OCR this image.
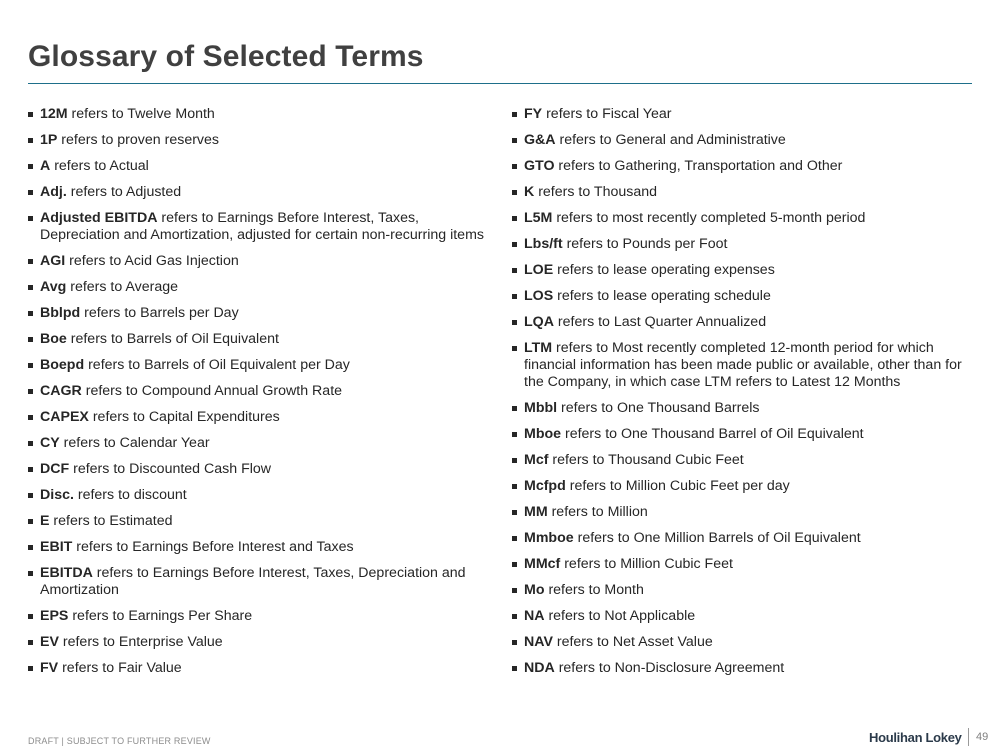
Glossary of Selected Terms
12M refers to Twelve Month
1P refers to proven reserves
A refers to Actual
Adj. refers to Adjusted
Adjusted EBITDA refers to Earnings Before Interest, Taxes, Depreciation and Amortization, adjusted for certain non-recurring items
AGI refers to Acid Gas Injection
Avg refers to Average
Bblpd refers to Barrels per Day
Boe refers to Barrels of Oil Equivalent
Boepd refers to Barrels of Oil Equivalent per Day
CAGR refers to Compound Annual Growth Rate
CAPEX refers to Capital Expenditures
CY refers to Calendar Year
DCF refers to Discounted Cash Flow
Disc. refers to discount
E refers to Estimated
EBIT refers to Earnings Before Interest and Taxes
EBITDA refers to Earnings Before Interest, Taxes, Depreciation and Amortization
EPS refers to Earnings Per Share
EV refers to Enterprise Value
FV refers to Fair Value
FY refers to Fiscal Year
G&A refers to General and Administrative
GTO refers to Gathering, Transportation and Other
K refers to Thousand
L5M refers to most recently completed 5-month period
Lbs/ft refers to Pounds per Foot
LOE refers to lease operating expenses
LOS refers to lease operating schedule
LQA refers to Last Quarter Annualized
LTM refers to Most recently completed 12-month period for which financial information has been made public or available, other than for the Company, in which case LTM refers to Latest 12 Months
Mbbl refers to One Thousand Barrels
Mboe refers to One Thousand Barrel of Oil Equivalent
Mcf refers to Thousand Cubic Feet
Mcfpd refers to Million Cubic Feet per day
MM refers to Million
Mmboe refers to One Million Barrels of Oil Equivalent
MMcf refers to Million Cubic Feet
Mo refers to Month
NA refers to Not Applicable
NAV refers to Net Asset Value
NDA refers to Non-Disclosure Agreement
DRAFT | SUBJECT TO FURTHER REVIEW	Houlihan Lokey 49
